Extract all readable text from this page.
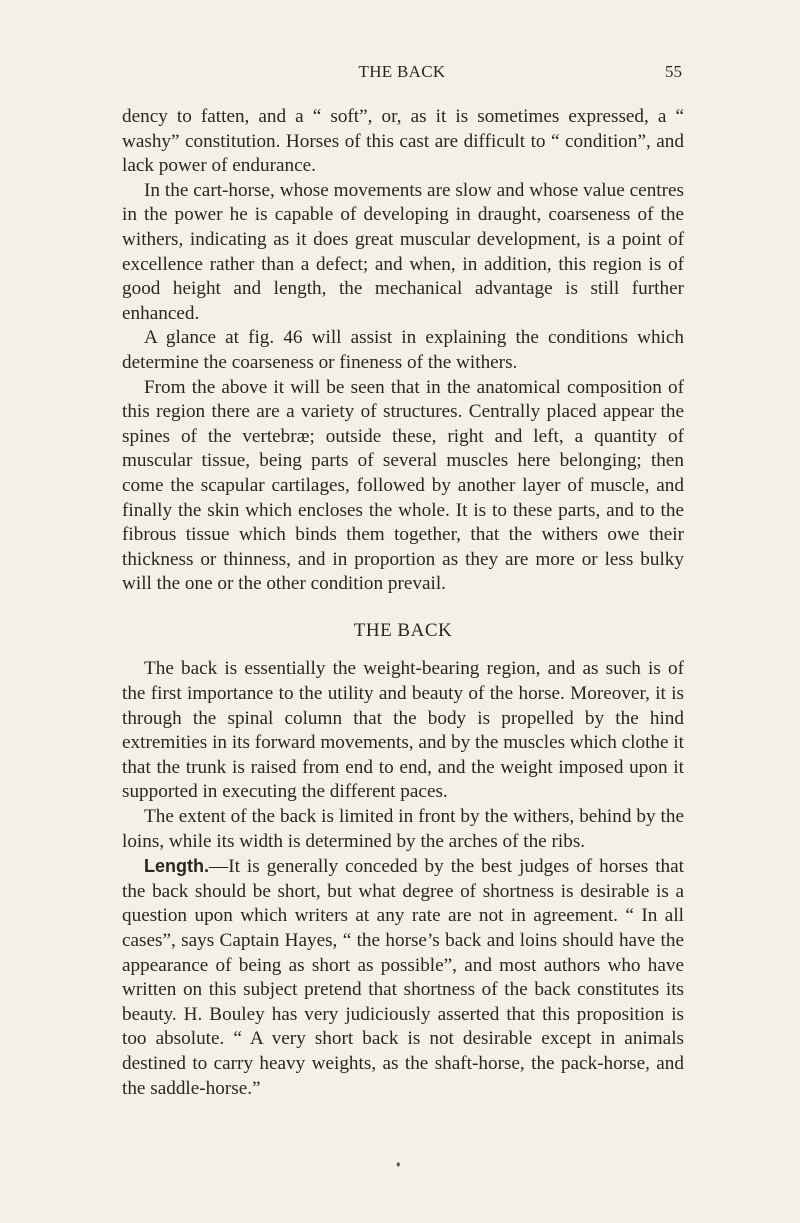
THE BACK	55

dency to fatten, and a “ soft”, or, as it is sometimes expressed, a “ washy” constitution. Horses of this cast are difficult to “ condition”, and lack power of endurance.

In the cart-horse, whose movements are slow and whose value centres in the power he is capable of developing in draught, coarseness of the withers, indicating as it does great muscular development, is a point of excellence rather than a defect; and when, in addition, this region is of good height and length, the mechanical advantage is still further enhanced.

A glance at fig. 46 will assist in explaining the conditions which determine the coarseness or fineness of the withers.

From the above it will be seen that in the anatomical composition of this region there are a variety of structures. Centrally placed appear the spines of the vertebræ; outside these, right and left, a quantity of muscular tissue, being parts of several muscles here belonging; then come the scapular cartilages, followed by another layer of muscle, and finally the skin which encloses the whole. It is to these parts, and to the fibrous tissue which binds them together, that the withers owe their thickness or thinness, and in proportion as they are more or less bulky will the one or the other condition prevail.

THE BACK

The back is essentially the weight-bearing region, and as such is of the first importance to the utility and beauty of the horse. Moreover, it is through the spinal column that the body is propelled by the hind extremities in its forward movements, and by the muscles which clothe it that the trunk is raised from end to end, and the weight imposed upon it supported in executing the different paces.

The extent of the back is limited in front by the withers, behind by the loins, while its width is determined by the arches of the ribs.

Length.—It is generally conceded by the best judges of horses that the back should be short, but what degree of shortness is desirable is a question upon which writers at any rate are not in agreement. “ In all cases”, says Captain Hayes, “ the horse’s back and loins should have the appearance of being as short as possible”, and most authors who have written on this subject pretend that shortness of the back constitutes its beauty. H. Bouley has very judiciously asserted that this proposition is too absolute. “ A very short back is not desirable except in animals destined to carry heavy weights, as the shaft-horse, the pack-horse, and the saddle-horse.”

♦
